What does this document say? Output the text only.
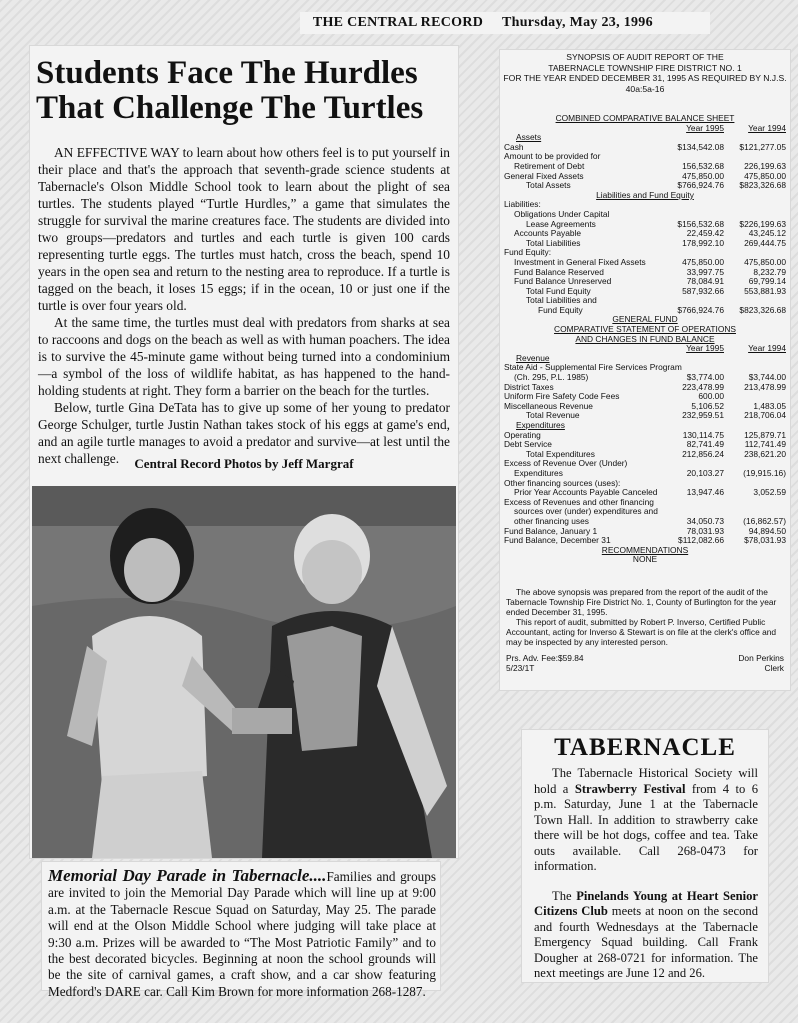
THE CENTRAL RECORD	Thursday, May 23, 1996
Students Face The Hurdles That Challenge The Turtles

AN EFFECTIVE WAY to learn about how others feel is to put yourself in their place and that's the approach that seventh-grade science students at Tabernacle's Olson Middle School took to learn about the plight of sea turtles. The students played “Turtle Hurdles,” a game that simulates the struggle for survival the marine creatures face. The students are divided into two groups—predators and turtles and each turtle is given 100 cards representing turtle eggs. The turtles must hatch, cross the beach, spend 10 years in the open sea and return to the nesting area to reproduce. If a turtle is tagged on the beach, it loses 15 eggs; if in the ocean, 10 or just one if the turtle is over four years old.

At the same time, the turtles must deal with predators from sharks at sea to raccoons and dogs on the beach as well as with human poachers. The idea is to survive the 45-minute game without being turned into a condominium—a symbol of the loss of wildlife habitat, as has happened to the hand-holding students at right. They form a barrier on the beach for the turtles.

Below, turtle Gina DeTata has to give up some of her young to predator George Schulger, turtle Justin Nathan takes stock of his eggs at game's end, and an agile turtle manages to avoid a predator and survive—at lest until the next challenge.	Central Record Photos by Jeff Margraf
SYNOPSIS OF AUDIT REPORT OF THE
TABERNACLE TOWNSHIP FIRE DISTRICT NO. 1
FOR THE YEAR ENDED DECEMBER 31, 1995 AS REQUIRED BY N.J.S.
40a:5a-16
COMBINED COMPARATIVE BALANCE SHEET
Year 1995	Year 1994
Assets
Cash	$134,542.08	$121,277.05
Amount to be provided for
Retirement of Debt	156,532.68	226,199.63
General Fixed Assets	475,850.00	475,850.00
Total Assets	$766,924.76	$823,326.68
Liabilities and Fund Equity
Liabilities:
Obligations Under Capital
Lease Agreements	$156,532.68	$226,199.63
Accounts Payable	22,459.42	43,245.12
Total Liabilities	178,992.10	269,444.75
Fund Equity:
Investment in General Fixed Assets	475,850.00	475,850.00
Fund Balance Reserved	33,997.75	8,232.79
Fund Balance Unreserved	78,084.91	69,799.14
Total Fund Equity	587,932.66	553,881.93
Total Liabilities and
Fund Equity	$766,924.76	$823,326.68
GENERAL FUND
COMPARATIVE STATEMENT OF OPERATIONS
AND CHANGES IN FUND BALANCE
Year 1995	Year 1994
Revenue
State Aid - Supplemental Fire Services Program
(Ch. 295, P.L. 1985)	$3,774.00	$3,744.00
District Taxes	223,478.99	213,478.99
Uniform Fire Safety Code Fees	600.00
Miscellaneous Revenue	5,106.52	1,483.05
Total Revenue	232,959.51	218,706.04
Expenditures
Operating	130,114.75	125,879.71
Debt Service	82,741.49	112,741.49
Total Expenditures	212,856.24	238,621.20
Excess of Revenue Over (Under)
Expenditures	20,103.27	(19,915.16)
Other financing sources (uses):
Prior Year Accounts Payable Canceled	13,947.46	3,052.59
Excess of Revenues and other financing
sources over (under) expenditures and
other financing uses	34,050.73	(16,862.57)
Fund Balance, January 1	78,031.93	94,894.50
Fund Balance, December 31	$112,082.66	$78,031.93
RECOMMENDATIONS
NONE

The above synopsis was prepared from the report of the audit of the Tabernacle Township Fire District No. 1, County of Burlington for the year ended December 31, 1995.

This report of audit, submitted by Robert P. Inverso, Certified Public Accountant, acting for Inverso & Stewart is on file at the clerk's office and may be inspected by any interested person.

Prs. Adv. Fee:$59.84	Don Perkins
5/23/1T	Clerk
TABERNACLE

The Tabernacle Historical Society will hold a Strawberry Festival from 4 to 6 p.m. Saturday, June 1 at the Tabernacle Town Hall. In addition to strawberry cake there will be hot dogs, coffee and tea. Take outs available. Call 268-0473 for information.

The Pinelands Young at Heart Senior Citizens Club meets at noon on the second and fourth Wednesdays at the Tabernacle Emergency Squad building. Call Frank Dougher at 268-0721 for information. The next meetings are June 12 and 26.

Memorial Day Parade in Tabernacle....Families and groups are invited to join the Memorial Day Parade which will line up at 9:00 a.m. at the Tabernacle Rescue Squad on Saturday, May 25. The parade will end at the Olson Middle School where judging will take place at 9:30 a.m. Prizes will be awarded to “The Most Patriotic Family” and to the best decorated bicycles. Beginning at noon the school grounds will be the site of carnival games, a craft show, and a car show featuring Medford's DARE car. Call Kim Brown for more information 268-1287.
